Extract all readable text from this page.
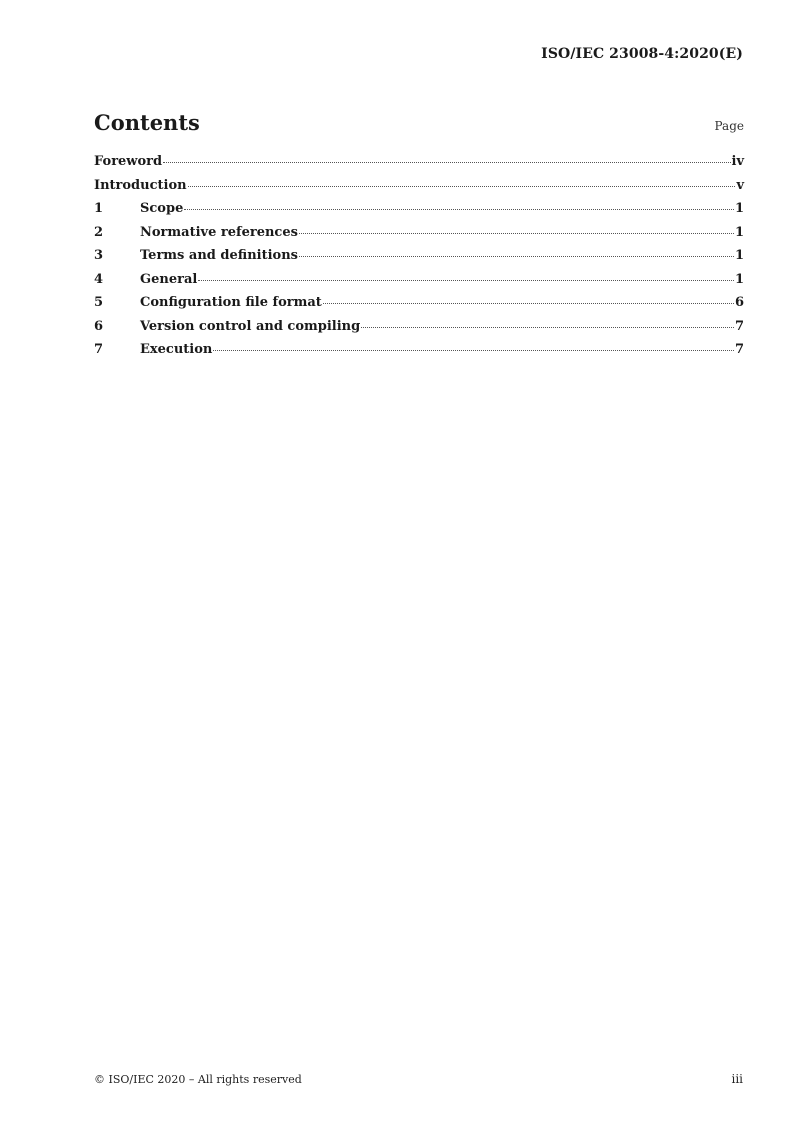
ISO/IEC 23008-4:2020(E)
Contents	Page
Foreword	iv
Introduction	v
1	Scope	1
2	Normative references	1
3	Terms and definitions	1
4	General	1
5	Configuration file format	6
6	Version control and compiling	7
7	Execution	7
© ISO/IEC 2020 – All rights reserved	iii
